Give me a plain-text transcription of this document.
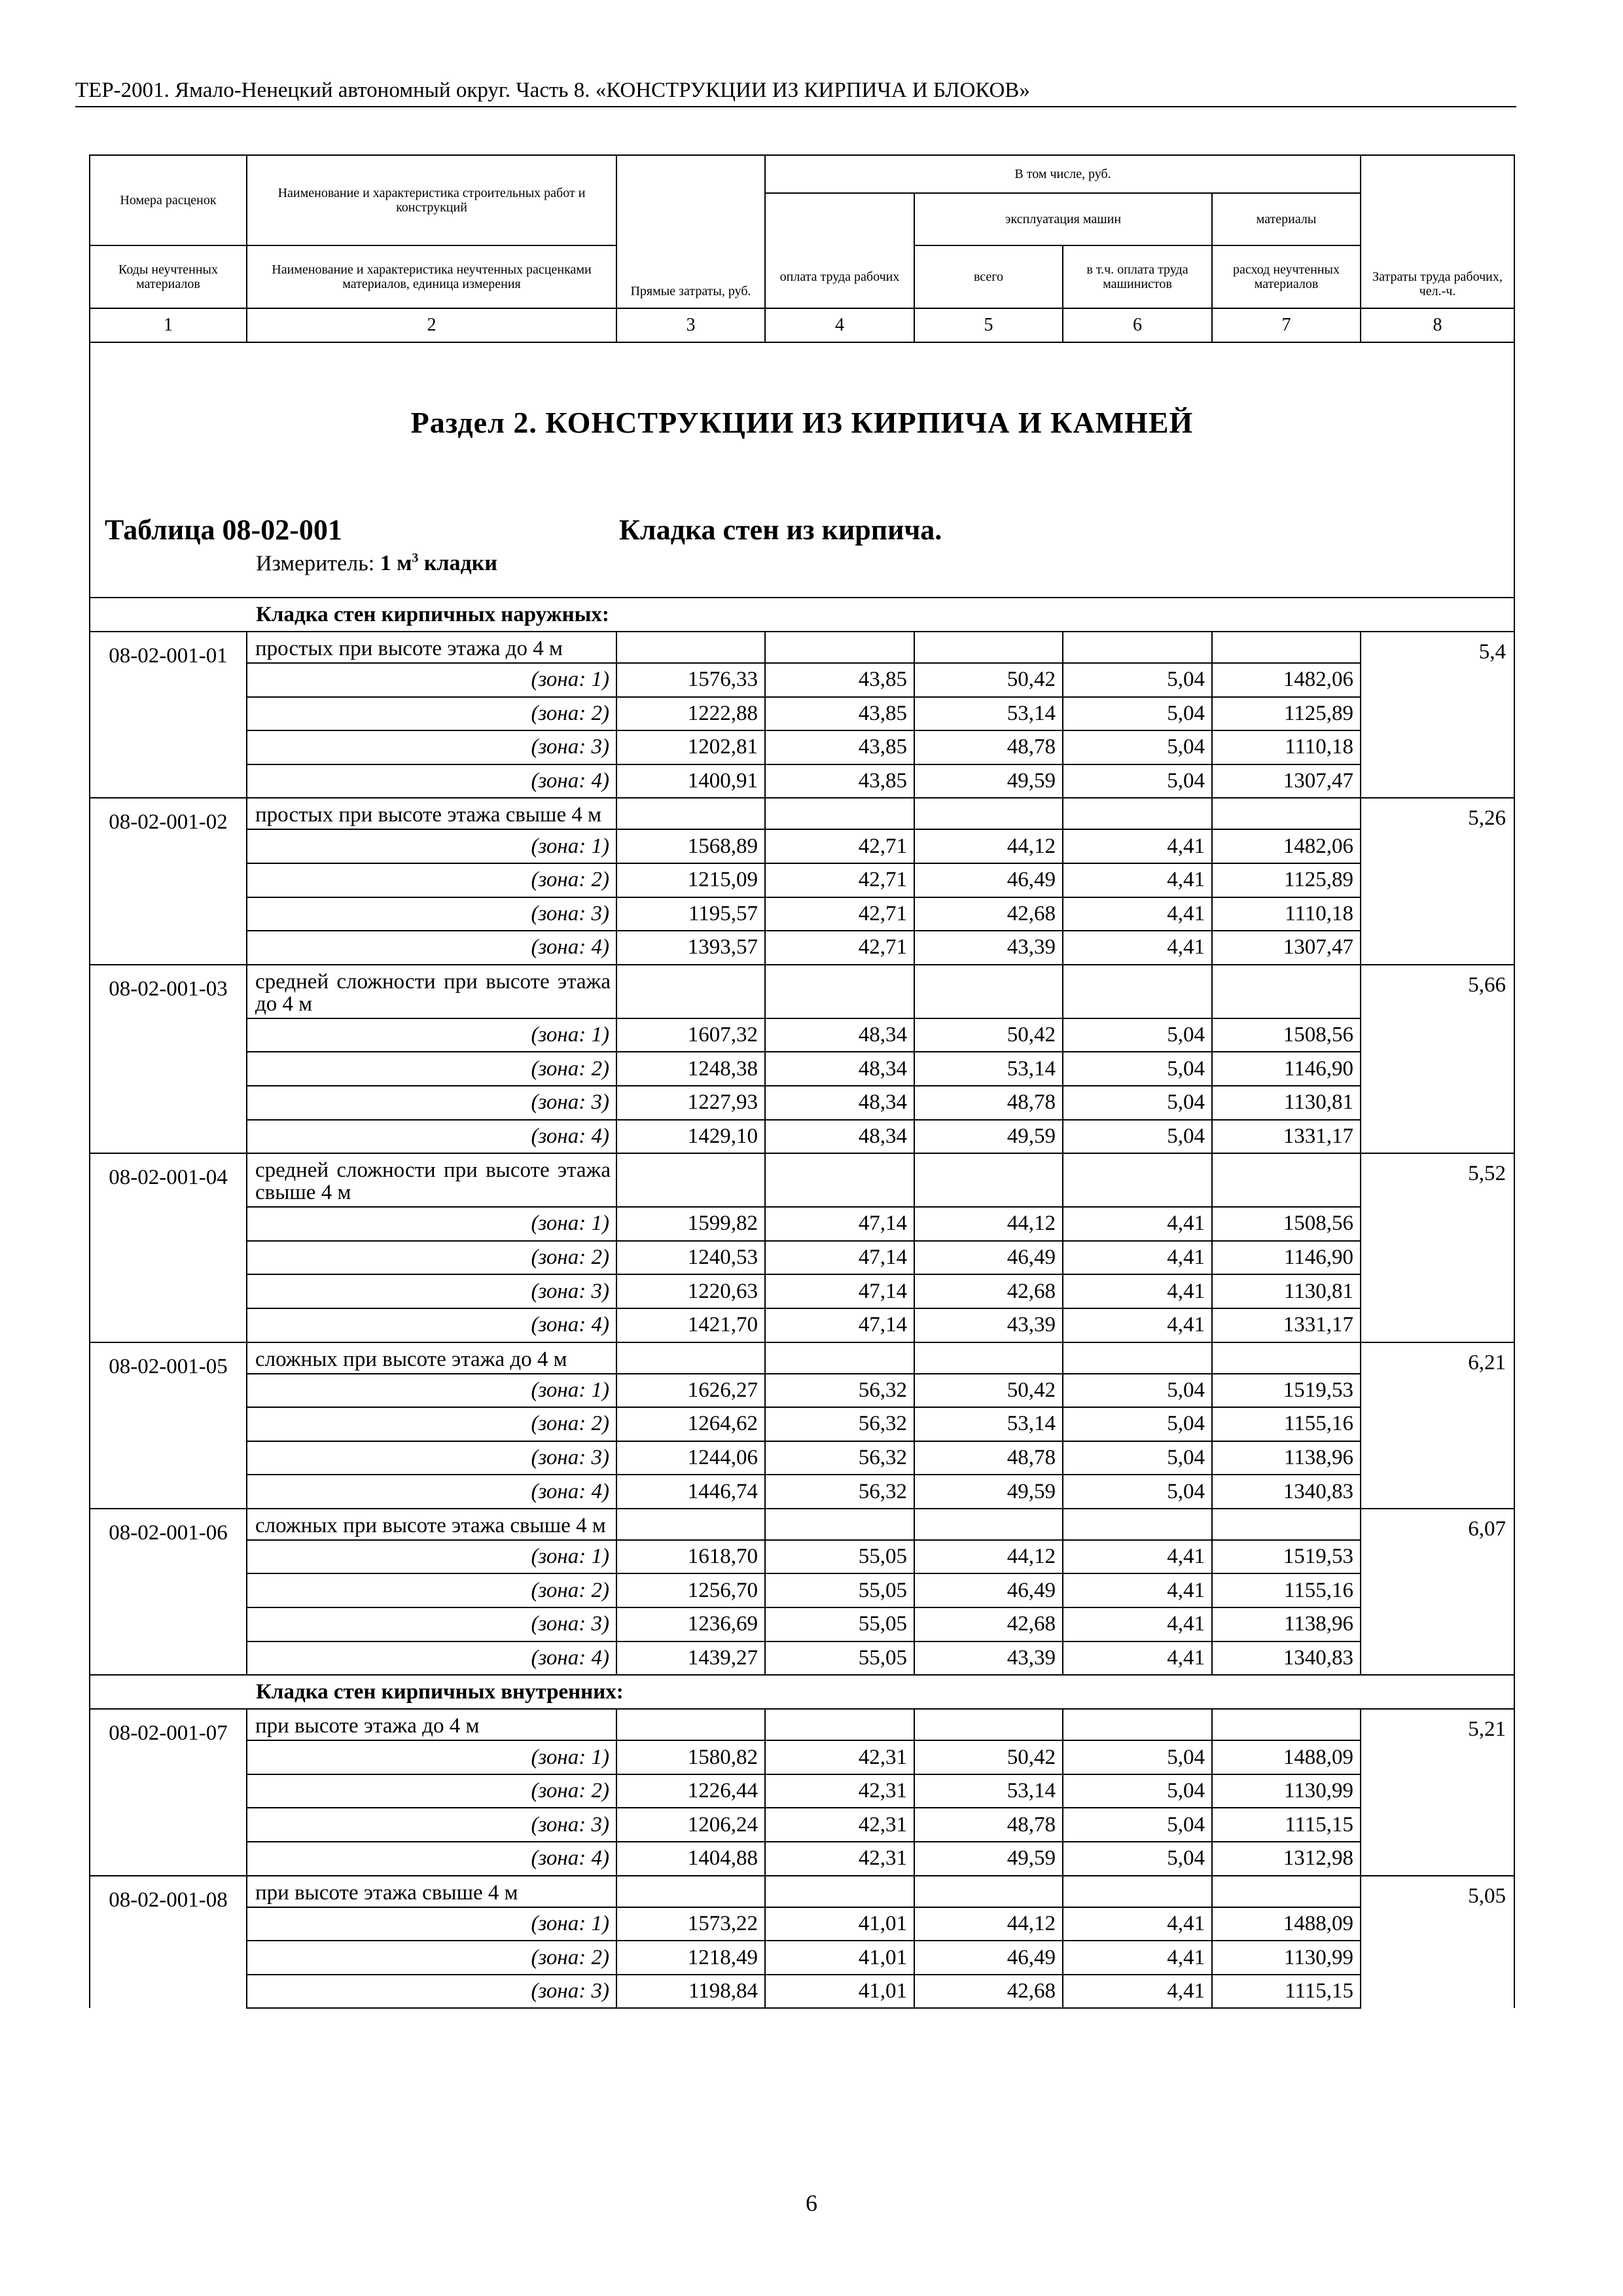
ТЕР-2001. Ямало-Ненецкий автономный округ. Часть 8. «КОНСТРУКЦИИ ИЗ КИРПИЧА И БЛОКОВ»
Номера расценок	Наименование и характеристика строительных работ и конструкций	Прямые затраты, руб.	В том числе, руб.				Затраты труда рабочих, чел.-ч.
				эксплуатация машин		материалы	
Коды неучтенных материалов	Наименование и характеристика неучтенных расценками материалов, единица измерения		оплата труда рабочих	всего	в т.ч. оплата труда машинистов	расход неучтенных материалов	
1	2	3	4	5	6	7	8

Раздел 2. КОНСТРУКЦИИ ИЗ КИРПИЧА И КАМНЕЙ
Таблица 08-02-001 Кладка стен из кирпича.
Измеритель: 1 $м^3$ кладки							

Кладка стен кирпичных наружных:							
08-02-001-01	простых при высоте этажа до 4 м						5,4
	(зона: 1)	1576,33	43,85	50,42	5,04	1482,06	
	(зона: 2)	1222,88	43,85	53,14	5,04	1125,89	
	(зона: 3)	1202,81	43,85	48,78	5,04	1110,18	
	(зона: 4)	1400,91	43,85	49,59	5,04	1307,47	
08-02-001-02	простых при высоте этажа свыше 4 м						5,26
	(зона: 1)	1568,89	42,71	44,12	4,41	1482,06	
	(зона: 2)	1215,09	42,71	46,49	4,41	1125,89	
	(зона: 3)	1195,57	42,71	42,68	4,41	1110,18	
	(зона: 4)	1393,57	42,71	43,39	4,41	1307,47	
08-02-001-03	средней сложности при высоте этажа до 4 м						5,66
	(зона: 1)	1607,32	48,34	50,42	5,04	1508,56	
	(зона: 2)	1248,38	48,34	53,14	5,04	1146,90	
	(зона: 3)	1227,93	48,34	48,78	5,04	1130,81	
	(зона: 4)	1429,10	48,34	49,59	5,04	1331,17	
08-02-001-04	средней сложности при высоте этажа свыше 4 м						5,52
	(зона: 1)	1599,82	47,14	44,12	4,41	1508,56	
	(зона: 2)	1240,53	47,14	46,49	4,41	1146,90	
	(зона: 3)	1220,63	47,14	42,68	4,41	1130,81	
	(зона: 4)	1421,70	47,14	43,39	4,41	1331,17	
08-02-001-05	сложных при высоте этажа до 4 м						6,21
	(зона: 1)	1626,27	56,32	50,42	5,04	1519,53	
	(зона: 2)	1264,62	56,32	53,14	5,04	1155,16	
	(зона: 3)	1244,06	56,32	48,78	5,04	1138,96	
	(зона: 4)	1446,74	56,32	49,59	5,04	1340,83	
08-02-001-06	сложных при высоте этажа свыше 4 м						6,07
	(зона: 1)	1618,70	55,05	44,12	4,41	1519,53	
	(зона: 2)	1256,70	55,05	46,49	4,41	1155,16	
	(зона: 3)	1236,69	55,05	42,68	4,41	1138,96	
	(зона: 4)	1439,27	55,05	43,39	4,41	1340,83	
Кладка стен кирпичных внутренних:							
08-02-001-07	при высоте этажа до 4 м						5,21
	(зона: 1)	1580,82	42,31	50,42	5,04	1488,09	
	(зона: 2)	1226,44	42,31	53,14	5,04	1130,99	
	(зона: 3)	1206,24	42,31	48,78	5,04	1115,15	
	(зона: 4)	1404,88	42,31	49,59	5,04	1312,98	
08-02-001-08	при высоте этажа свыше 4 м						5,05
	(зона: 1)	1573,22	41,01	44,12	4,41	1488,09	
	(зона: 2)	1218,49	41,01	46,49	4,41	1130,99	
	(зона: 3)	1198,84	41,01	42,68	4,41	1115,15	
6
